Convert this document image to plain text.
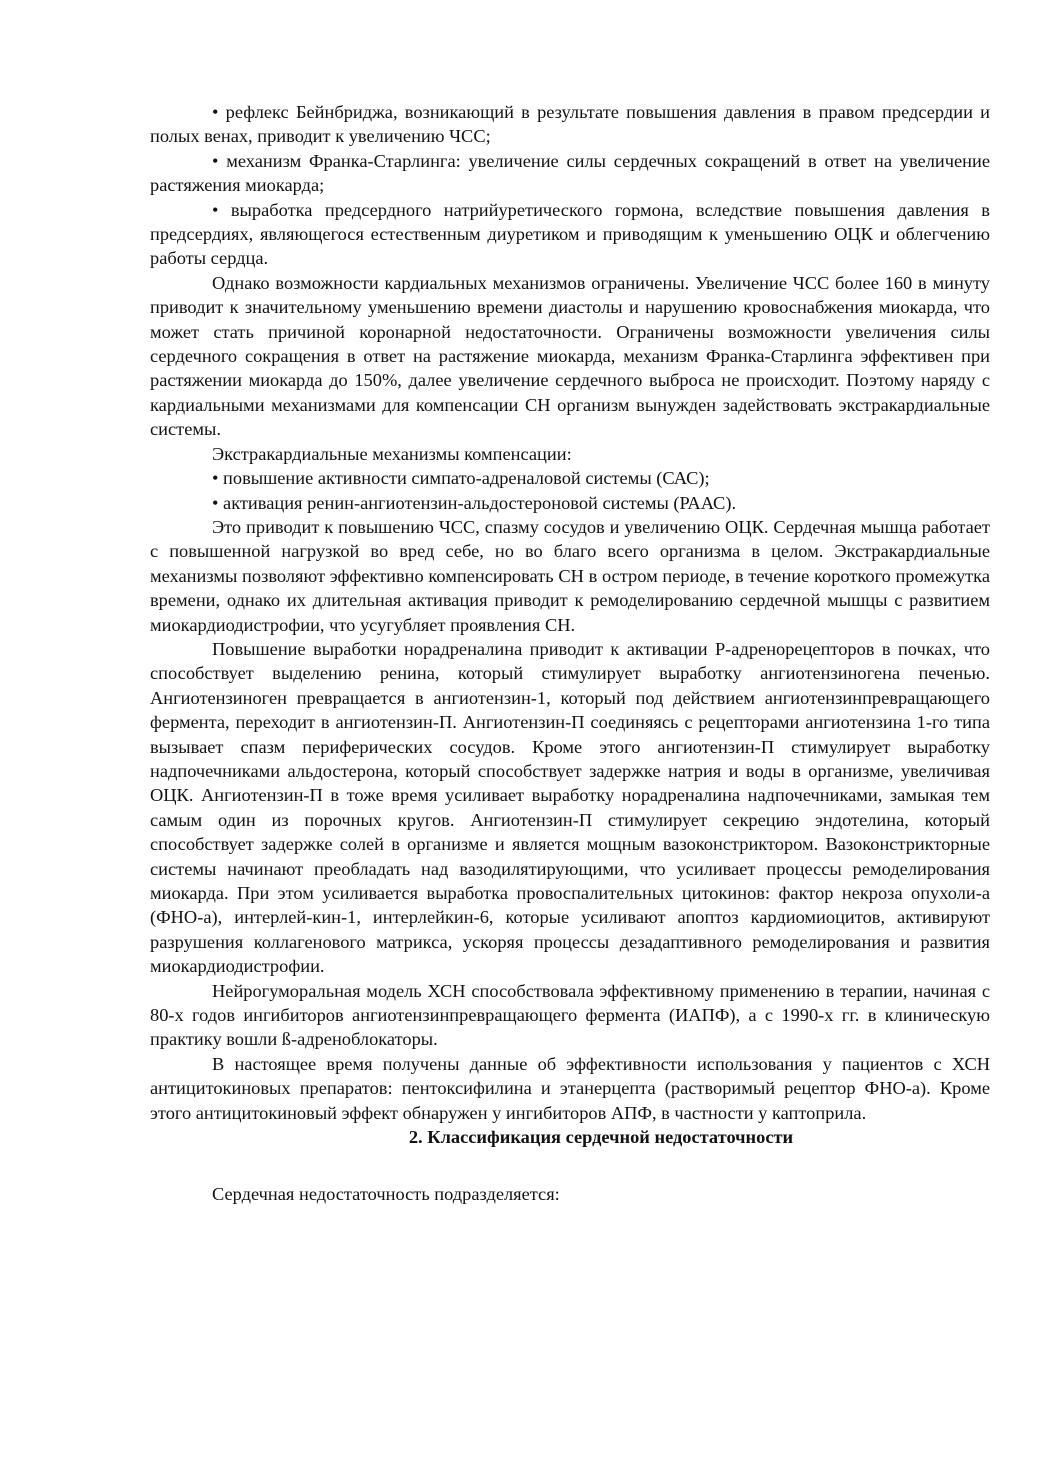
• рефлекс Бейнбриджа, возникающий в результате повышения давления в правом предсердии и полых венах, приводит к увеличению ЧСС;

• механизм Франка-Старлинга: увеличение силы сердечных сокращений в ответ на увеличение растяжения миокарда;

• выработка предсердного натрийуретического гормона, вследствие повышения давления в предсердиях, являющегося естественным диуретиком и приводящим к уменьшению ОЦК и облегчению работы сердца.

Однако возможности кардиальных механизмов ограничены. Увеличение ЧСС более 160 в минуту приводит к значительному уменьшению времени диастолы и нарушению кровоснабжения миокарда, что может стать причиной коронарной недостаточности. Ограничены возможности увеличения силы сердечного сокращения в ответ на растяжение миокарда, механизм Франка-Старлинга эффективен при растяжении миокарда до 150%, далее увеличение сердечного выброса не происходит. Поэтому наряду с кардиальными механизмами для компенсации СН организм вынужден задействовать экстракардиальные системы.

Экстракардиальные механизмы компенсации:

• повышение активности симпато-адреналовой системы (САС);

• активация ренин-ангиотензин-альдостероновой системы (РААС).

Это приводит к повышению ЧСС, спазму сосудов и увеличению ОЦК. Сердечная мышца работает с повышенной нагрузкой во вред себе, но во благо всего организма в целом. Экстракардиальные механизмы позволяют эффективно компенсировать СН в остром периоде, в течение короткого промежутка времени, однако их длительная активация приводит к ремоделированию сердечной мышцы с развитием миокардиодистрофии, что усугубляет проявления СН.

Повышение выработки норадреналина приводит к активации Р-адренорецепторов в почках, что способствует выделению ренина, который стимулирует выработку ангиотензиногена печенью. Ангиотензиноген превращается в ангиотензин-1, который под действием ангиотензинпревращающего фермента, переходит в ангиотензин-П. Ангиотензин-П соединяясь с рецепторами ангиотензина 1-го типа вызывает спазм периферических сосудов. Кроме этого ангиотензин-П стимулирует выработку надпочечниками альдостерона, который способствует задержке натрия и воды в организме, увеличивая ОЦК. Ангиотензин-П в тоже время усиливает выработку норадреналина надпочечниками, замыкая тем самым один из порочных кругов. Ангиотензин-П стимулирует секрецию эндотелина, который способствует задержке солей в организме и является мощным вазоконстриктором. Вазоконстрикторные системы начинают преобладать над вазодилятирующими, что усиливает процессы ремоделирования миокарда. При этом усиливается выработка провоспалительных цитокинов: фактор некроза опухоли-а (ФНО-а), интерлей-кин-1, интерлейкин-6, которые усиливают апоптоз кардиомиоцитов, активируют разрушения коллагенового матрикса, ускоряя процессы дезадаптивного ремоделирования и развития миокардиодистрофии.

Нейрогуморальная модель ХСН способствовала эффективному применению в терапии, начиная с 80-х годов ингибиторов ангиотензинпревращающего фермента (ИАПФ), а с 1990-х гг. в клиническую практику вошли ß-адреноблокаторы.

В настоящее время получены данные об эффективности использования у пациентов с ХСН антицитокиновых препаратов: пентоксифилина и этанерцепта (растворимый рецептор ФНО-а). Кроме этого антицитокиновый эффект обнаружен у ингибиторов АПФ, в частности у каптоприла.

2. Классификация сердечной недостаточности

Сердечная недостаточность подразделяется:
